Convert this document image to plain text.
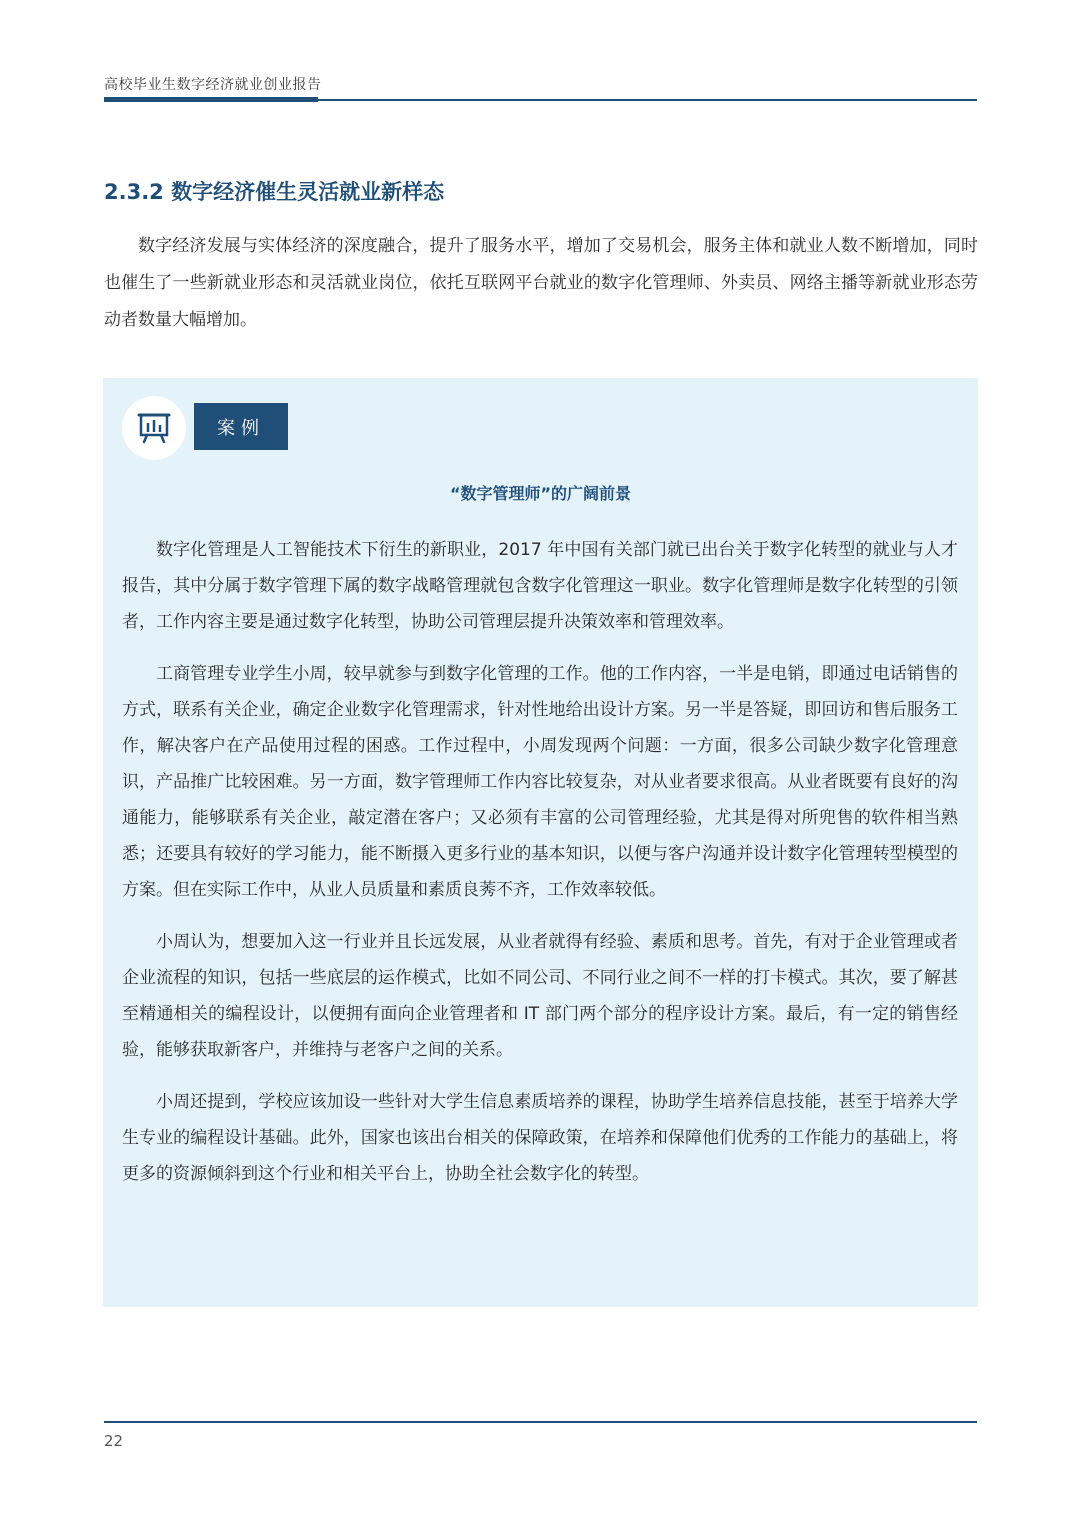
高校毕业生数字经济就业创业报告
2.3.2 数字经济催生灵活就业新样态

数字经济发展与实体经济的深度融合，提升了服务水平，增加了交易机会，服务主体和就业人数不断增加，同时也催生了一些新就业形态和灵活就业岗位，依托互联网平台就业的数字化管理师、外卖员、网络主播等新就业形态劳动者数量大幅增加。

案例
“数字管理师”的广阔前景

数字化管理是人工智能技术下衍生的新职业，2017 年中国有关部门就已出台关于数字化转型的就业与人才报告，其中分属于数字管理下属的数字战略管理就包含数字化管理这一职业。数字化管理师是数字化转型的引领者，工作内容主要是通过数字化转型，协助公司管理层提升决策效率和管理效率。

工商管理专业学生小周，较早就参与到数字化管理的工作。他的工作内容，一半是电销，即通过电话销售的方式，联系有关企业，确定企业数字化管理需求，针对性地给出设计方案。另一半是答疑，即回访和售后服务工作，解决客户在产品使用过程的困惑。工作过程中，小周发现两个问题：一方面，很多公司缺少数字化管理意识，产品推广比较困难。另一方面，数字管理师工作内容比较复杂，对从业者要求很高。从业者既要有良好的沟通能力，能够联系有关企业，敲定潜在客户；又必须有丰富的公司管理经验，尤其是得对所兜售的软件相当熟悉；还要具有较好的学习能力，能不断摄入更多行业的基本知识，以便与客户沟通并设计数字化管理转型模型的方案。但在实际工作中，从业人员质量和素质良莠不齐，工作效率较低。

小周认为，想要加入这一行业并且长远发展，从业者就得有经验、素质和思考。首先，有对于企业管理或者企业流程的知识，包括一些底层的运作模式，比如不同公司、不同行业之间不一样的打卡模式。其次，要了解甚至精通相关的编程设计，以便拥有面向企业管理者和 IT 部门两个部分的程序设计方案。最后，有一定的销售经验，能够获取新客户，并维持与老客户之间的关系。

小周还提到，学校应该加设一些针对大学生信息素质培养的课程，协助学生培养信息技能，甚至于培养大学生专业的编程设计基础。此外，国家也该出台相关的保障政策，在培养和保障他们优秀的工作能力的基础上，将更多的资源倾斜到这个行业和相关平台上，协助全社会数字化的转型。

22
